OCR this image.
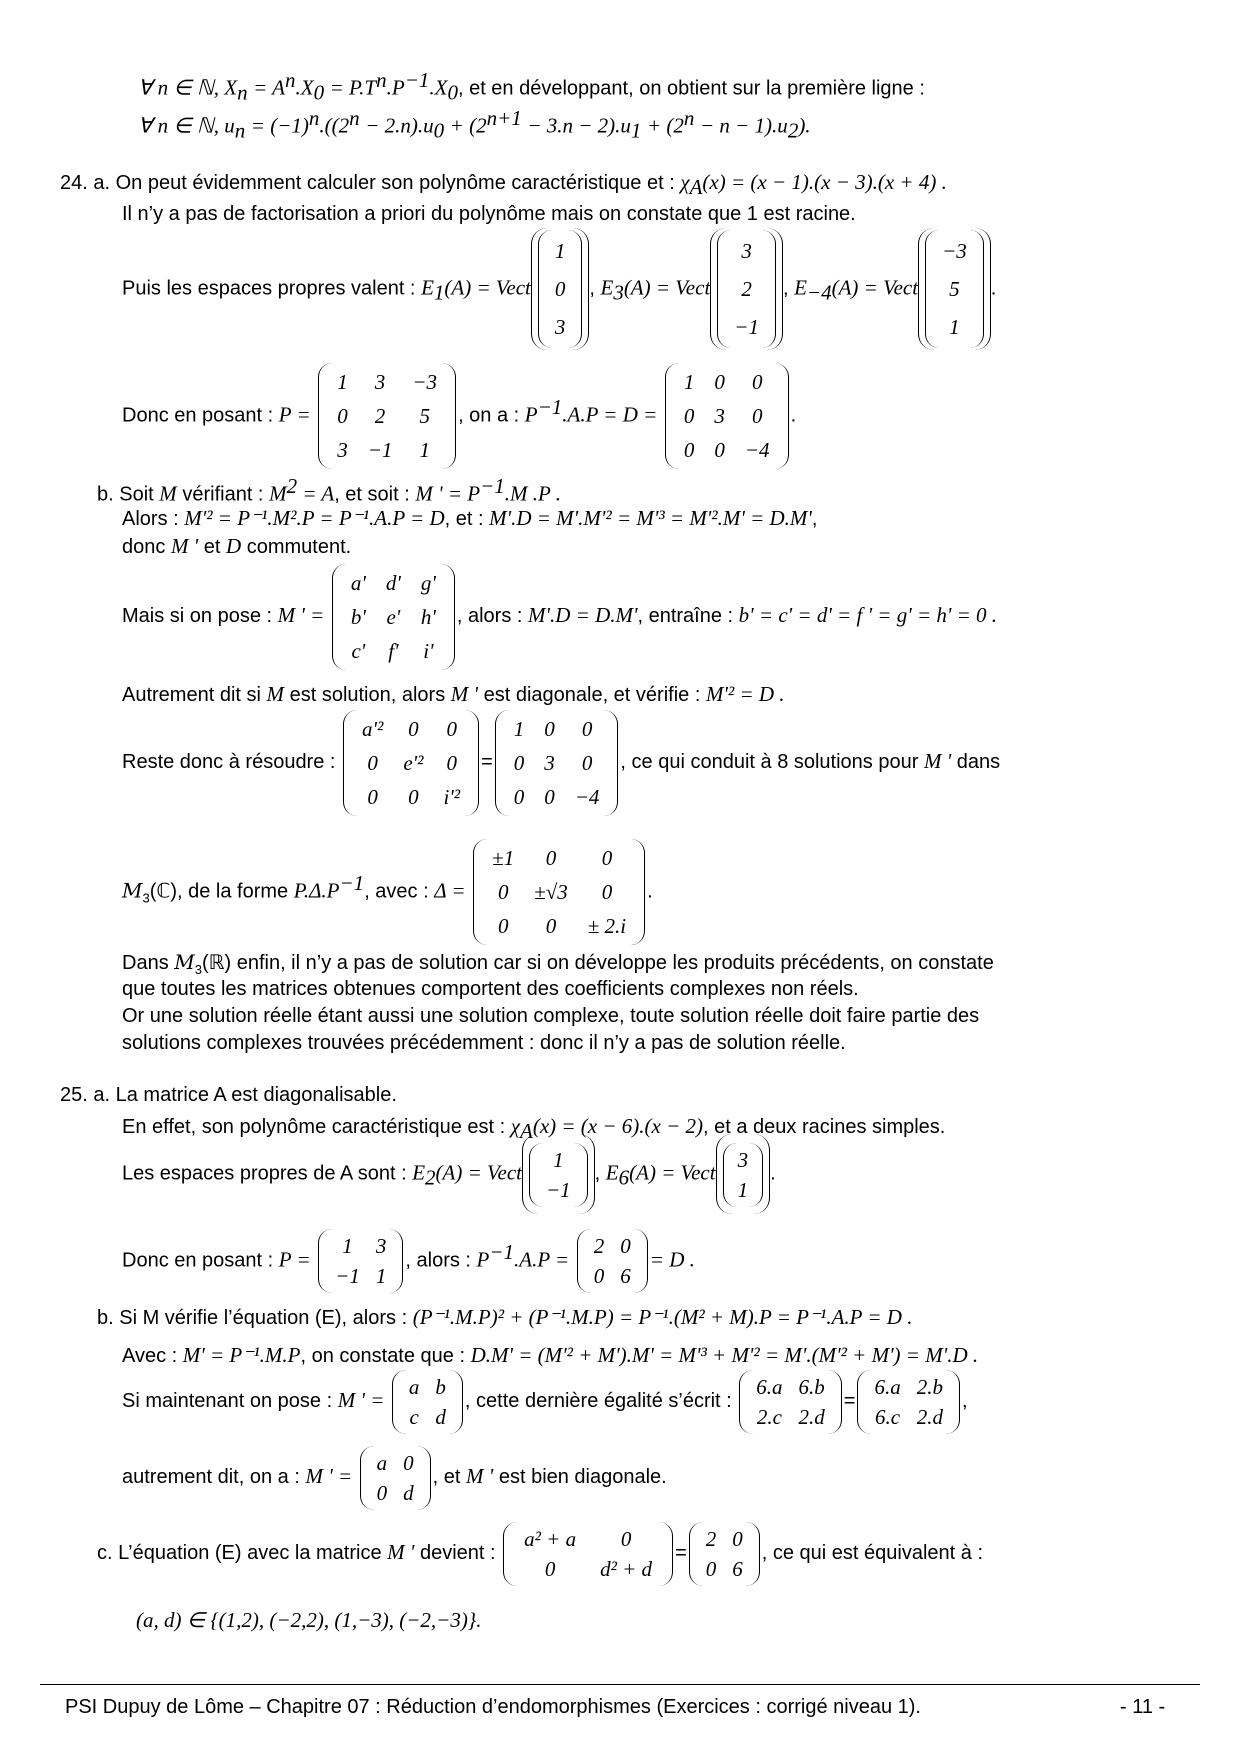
∀ n ∈ ℕ, $X_n = A^n.X_0 = P.T^n.P^{-1}.X_0$, et en développant, on obtient sur la première ligne :
∀ n ∈ ℕ, $u_n = (-1)^n.((2^n - 2.n).u_0 + (2^{n+1} - 3.n - 2).u_1 + (2^n - n - 1).u_2)$.
24. a. On peut évidemment calculer son polynôme caractéristique et : $\chi_A(x) = (x - 1).(x - 3).(x + 4)$ .
Il n’y a pas de factorisation a priori du polynôme mais on constate que 1 est racine.
Puis les espaces propres valent : $E_1(A)$ = Vect
1
0
3
, $E_3(A)$ = Vect
3
2
−1
, $E_{-4}(A)$ = Vect
−3
5
1
.
Donc en posant : P =
1	3	−3
0	2	5
3	−1	1
, on a : $P^{-1}.A.P = D$ =
1	0	0
0	3	0
0	0	−4
.
b. Soit M vérifiant : $M^2 = A$, et soit : M ' = $P^{-1}.M$ .P .
Alors : M'² = P⁻¹.M².P = P⁻¹.A.P = D, et : M'.D = M'.M'² = M'³ = M'².M' = D.M',
donc M ' et D commutent.
Mais si on pose : M ' =
a'	d'	g'
b'	e'	h'
c'	f'	i'
, alors : M'.D = D.M', entraîne : b' = c' = d' = f ' = g' = h' = 0 .
Autrement dit si M est solution, alors M ' est diagonale, et vérifie : M'² = D .
Reste donc à résoudre :
a'²	0	0
0	e'²	0
0	0	i'²
=
1	0	0
0	3	0
0	0	−4
, ce qui conduit à 8 solutions pour M ' dans
$M_3(ℂ)$, de la forme $P.\Delta.P^{-1}$, avec : Δ =
±1	0	0
0	±√3	0
0	0	± 2.i
.
Dans $M_3(ℝ)$ enfin, il n’y a pas de solution car si on développe les produits précédents, on constate
que toutes les matrices obtenues comportent des coefficients complexes non réels.
Or une solution réelle étant aussi une solution complexe, toute solution réelle doit faire partie des
solutions complexes trouvées précédemment : donc il n’y a pas de solution réelle.
25. a. La matrice A est diagonalisable.
En effet, son polynôme caractéristique est : $\chi_A(x) = (x - 6).(x - 2)$, et a deux racines simples.
Les espaces propres de A sont : $E_2(A)$ = Vect
1
−1
, $E_6(A)$ = Vect
3
1
.
Donc en posant : P =
1	3
−1	1
, alors : $P^{-1}.A.P$ =
2	0
0	6
= D .
b. Si M vérifie l’équation (E), alors : (P⁻¹.M.P)² + (P⁻¹.M.P) = P⁻¹.(M² + M).P = P⁻¹.A.P = D .
Avec : M' = P⁻¹.M.P, on constate que : D.M' = (M'² + M').M' = M'³ + M'² = M'.(M'² + M') = M'.D .
Si maintenant on pose : M ' =
a	b
c	d
, cette dernière égalité s’écrit :
6.a	6.b
2.c	2.d
=
6.a	2.b
6.c	2.d
,
autrement dit, on a : M ' =
a	0
0	d
, et M ' est bien diagonale.
c. L’équation (E) avec la matrice M ' devient :
a² + a	0
0	d² + d
=
2	0
0	6
, ce qui est équivalent à :
(a, d) ∈ {(1,2), (−2,2), (1,−3), (−2,−3)}.
PSI Dupuy de Lôme – Chapitre 07 : Réduction d’endomorphismes (Exercices : corrigé niveau 1).	- 11 -
